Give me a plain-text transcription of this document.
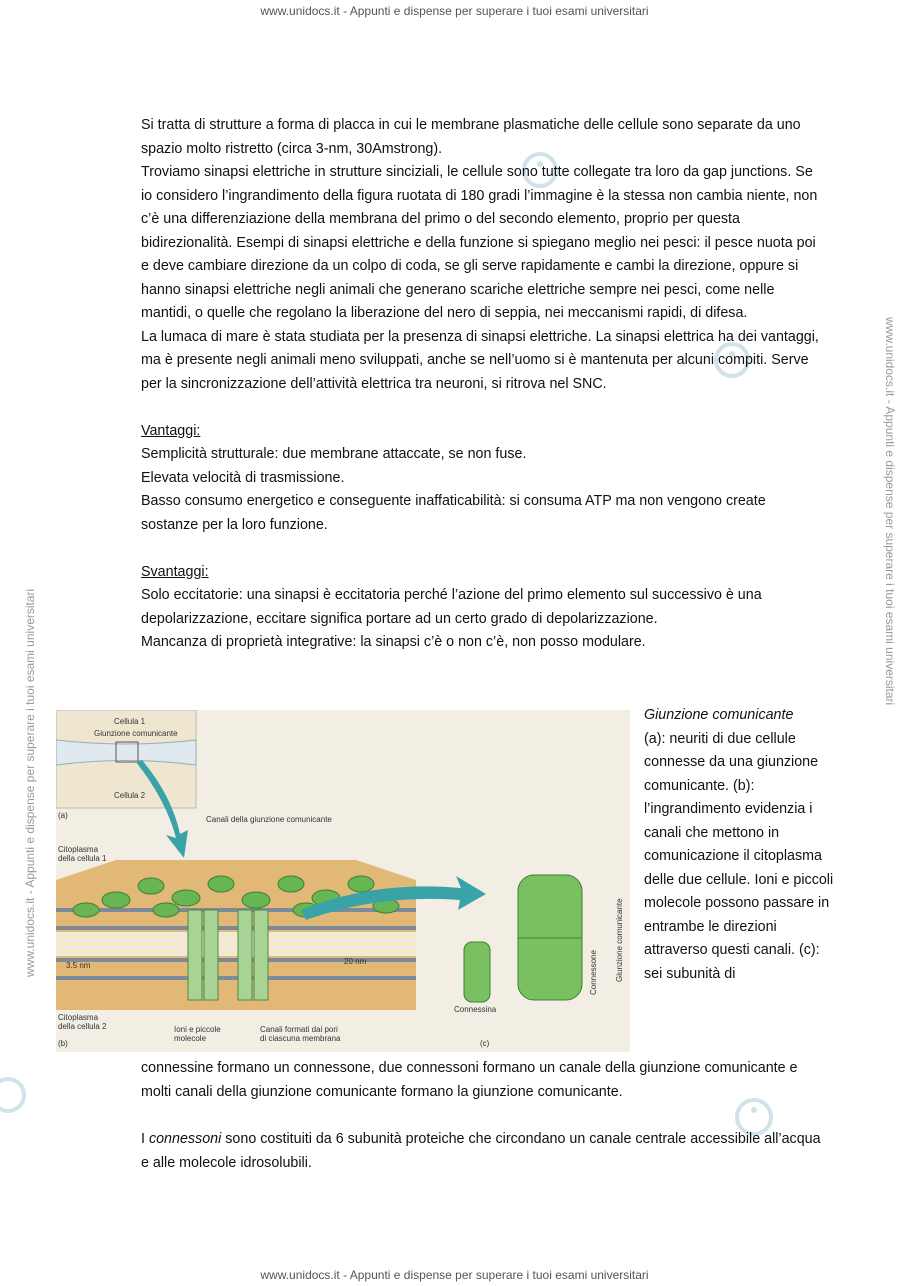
www.unidocs.it - Appunti e dispense per superare i tuoi esami universitari
www.unidocs.it - Appunti e dispense per superare i tuoi esami universitari
www.unidocs.it - Appunti e dispense per superare i tuoi esami universitari

Si tratta di strutture a forma di placca in cui le membrane plasmatiche delle cellule sono separate da uno spazio molto ristretto (circa 3-nm, 30Amstrong).

Troviamo sinapsi elettriche in strutture sinciziali, le cellule sono tutte collegate tra loro da gap junctions. Se io considero l’ingrandimento della figura ruotata di 180 gradi l’immagine è la stessa non cambia niente, non c’è una differenziazione della membrana del primo o del secondo elemento, proprio per questa bidirezionalità. Esempi di sinapsi elettriche e della funzione si spiegano meglio nei pesci: il pesce nuota poi e deve cambiare direzione da un colpo di coda, se gli serve rapidamente e cambi la direzione, oppure si hanno sinapsi elettriche negli animali che generano scariche elettriche sempre nei pesci, come nelle mantidi, o quelle che regolano la liberazione del nero di seppia, nei meccanismi rapidi, di difesa.

La lumaca di mare è stata studiata per la presenza di sinapsi elettriche. La sinapsi elettrica ha dei vantaggi, ma è presente negli animali meno sviluppati, anche se nell’uomo si è mantenuta per alcuni compiti. Serve per la sincronizzazione dell’attività elettrica tra neuroni, si ritrova nel SNC.

Vantaggi:

Semplicità strutturale: due membrane attaccate, se non fuse.

Elevata velocità di trasmissione.

Basso consumo energetico e conseguente inaffaticabilità: si consuma ATP ma non vengono create sostanze per la loro funzione.

Svantaggi:

Solo eccitatorie: una sinapsi è eccitatoria perché l’azione del primo elemento sul successivo è una depolarizzazione, eccitare significa portare ad un certo grado di depolarizzazione.

Mancanza di proprietà integrative: la sinapsi c’è o non c’è, non posso modulare.

Cellula 1
Giunzione comunicante
Cellula 2
(a)	Canali della giunzione comunicante
Citoplasma
della cellula 1
3.5 nm	20 nm
Citoplasma
della cellula 2
(b)
Ioni e piccole
molecole
Canali formati dai pori
di ciascuna membrana
Connessina
Connessone Giunzione comunicante
(c)
Giunzione comunicante
(a): neuriti di due cellule connesse da una giunzione comunicante. (b): l’ingrandimento evidenzia i canali che mettono in comunicazione il citoplasma delle due cellule. Ioni e piccoli molecole possono passare in entrambe le direzioni attraverso questi canali. (c): sei subunità di
connessine formano un connessone, due connessoni formano un canale della giunzione comunicante e molti canali della giunzione comunicante formano la giunzione comunicante.
I connessoni sono costituiti da 6 subunità proteiche che circondano un canale centrale accessibile all’acqua e alle molecole idrosolubili.
www.unidocs.it - Appunti e dispense per superare i tuoi esami universitari
